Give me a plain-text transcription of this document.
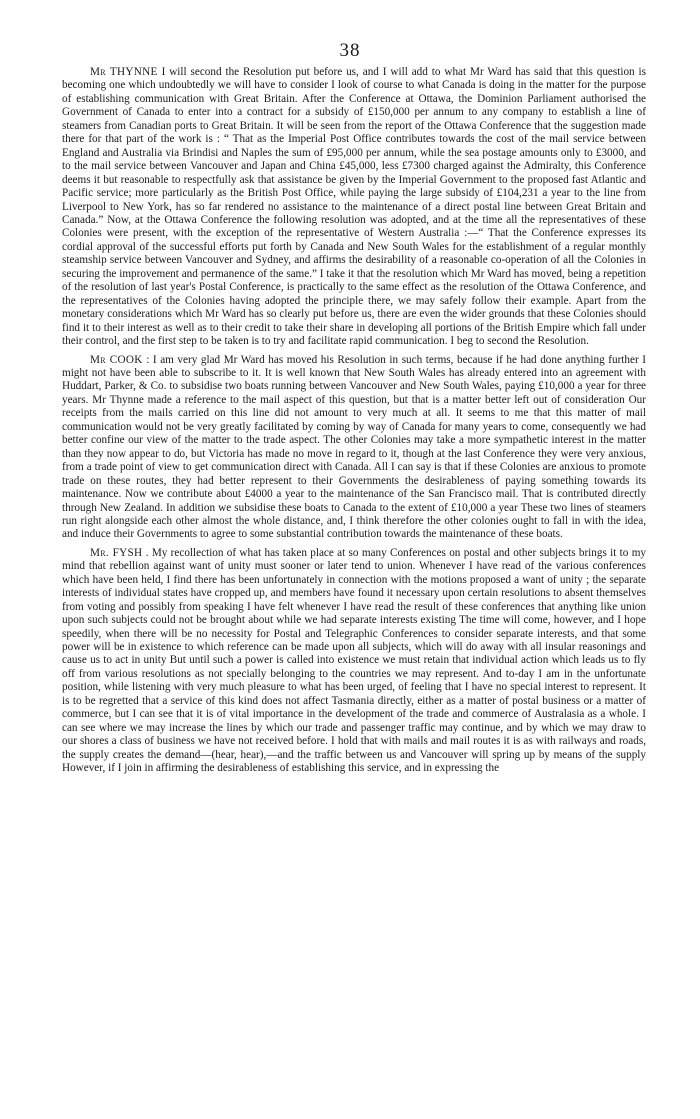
38

Mr THYNNE I will second the Resolution put before us, and I will add to what Mr Ward has said that this question is becoming one which undoubtedly we will have to consider I look of course to what Canada is doing in the matter for the purpose of establishing communication with Great Britain. After the Conference at Ottawa, the Dominion Parliament authorised the Government of Canada to enter into a contract for a subsidy of £150,000 per annum to any company to establish a line of steamers from Canadian ports to Great Britain. It will be seen from the report of the Ottawa Conference that the suggestion made there for that part of the work is : “ That as the Imperial Post Office contributes towards the cost of the mail service between England and Australia via Brindisi and Naples the sum of £95,000 per annum, while the sea postage amounts only to £3000, and to the mail service between Vancouver and Japan and China £45,000, less £7300 charged against the Admiralty, this Conference deems it but reasonable to respectfully ask that assistance be given by the Imperial Government to the proposed fast Atlantic and Pacific service; more particularly as the British Post Office, while paying the large subsidy of £104,231 a year to the line from Liverpool to New York, has so far rendered no assistance to the maintenance of a direct postal line between Great Britain and Canada.” Now, at the Ottawa Conference the following resolution was adopted, and at the time all the representatives of these Colonies were present, with the exception of the representative of Western Australia :—“ That the Conference expresses its cordial approval of the successful efforts put forth by Canada and New South Wales for the establishment of a regular monthly steamship service between Vancouver and Sydney, and affirms the desirability of a reasonable co-operation of all the Colonies in securing the improvement and permanence of the same.” I take it that the resolution which Mr Ward has moved, being a repetition of the resolution of last year's Postal Conference, is practically to the same effect as the resolution of the Ottawa Conference, and the representatives of the Colonies having adopted the principle there, we may safely follow their example. Apart from the monetary considerations which Mr Ward has so clearly put before us, there are even the wider grounds that these Colonies should find it to their interest as well as to their credit to take their share in developing all portions of the British Empire which fall under their control, and the first step to be taken is to try and facilitate rapid communication. I beg to second the Resolution.

Mr COOK : I am very glad Mr Ward has moved his Resolution in such terms, because if he had done anything further I might not have been able to subscribe to it. It is well known that New South Wales has already entered into an agreement with Huddart, Parker, & Co. to subsidise two boats running between Vancouver and New South Wales, paying £10,000 a year for three years. Mr Thynne made a reference to the mail aspect of this question, but that is a matter better left out of consideration Our receipts from the mails carried on this line did not amount to very much at all. It seems to me that this matter of mail communication would not be very greatly facilitated by coming by way of Canada for many years to come, consequently we had better confine our view of the matter to the trade aspect. The other Colonies may take a more sympathetic interest in the matter than they now appear to do, but Victoria has made no move in regard to it, though at the last Conference they were very anxious, from a trade point of view to get communication direct with Canada. All I can say is that if these Colonies are anxious to promote trade on these routes, they had better represent to their Governments the desirableness of paying something towards its maintenance. Now we contribute about £4000 a year to the maintenance of the San Francisco mail. That is contributed directly through New Zealand. In addition we subsidise these boats to Canada to the extent of £10,000 a year These two lines of steamers run right alongside each other almost the whole distance, and, I think therefore the other colonies ought to fall in with the idea, and induce their Governments to agree to some substantial contribution towards the maintenance of these boats.

Mr. FYSH . My recollection of what has taken place at so many Conferences on postal and other subjects brings it to my mind that rebellion against want of unity must sooner or later tend to union. Whenever I have read of the various conferences which have been held, I find there has been unfortunately in connection with the motions proposed a want of unity ; the separate interests of individual states have cropped up, and members have found it necessary upon certain resolutions to absent themselves from voting and possibly from speaking I have felt whenever I have read the result of these conferences that anything like union upon such subjects could not be brought about while we had separate interests existing The time will come, however, and I hope speedily, when there will be no necessity for Postal and Telegraphic Conferences to consider separate interests, and that some power will be in existence to which reference can be made upon all subjects, which will do away with all insular reasonings and cause us to act in unity But until such a power is called into existence we must retain that individual action which leads us to fly off from various resolutions as not specially belonging to the countries we may represent. And to-day I am in the unfortunate position, while listening with very much pleasure to what has been urged, of feeling that I have no special interest to represent. It is to be regretted that a service of this kind does not affect Tasmania directly, either as a matter of postal business or a matter of commerce, but I can see that it is of vital importance in the development of the trade and commerce of Australasia as a whole. I can see where we may increase the lines by which our trade and passenger traffic may continue, and by which we may draw to our shores a class of business we have not received before. I hold that with mails and mail routes it is as with railways and roads, the supply creates the demand—(hear, hear),—and the traffic between us and Vancouver will spring up by means of the supply However, if I join in affirming the desirableness of establishing this service, and in expressing the
